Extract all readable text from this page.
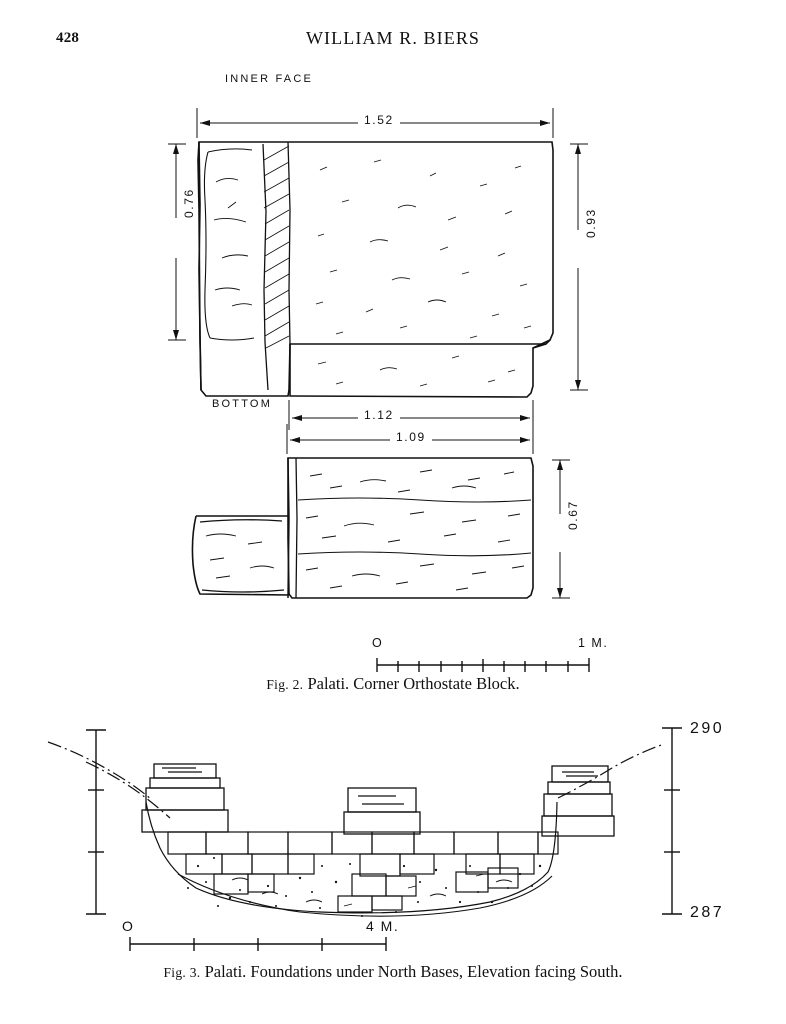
428	WILLIAM R. BIERS
INNER FACE
1.52
0.76
0.93
1.12
BOTTOM
1.09
0.67
O	1 M.
Fig. 2. Palati. Corner Orthostate Block.
290
287
O	4 M.
Fig. 3. Palati. Foundations under North Bases, Elevation facing South.
